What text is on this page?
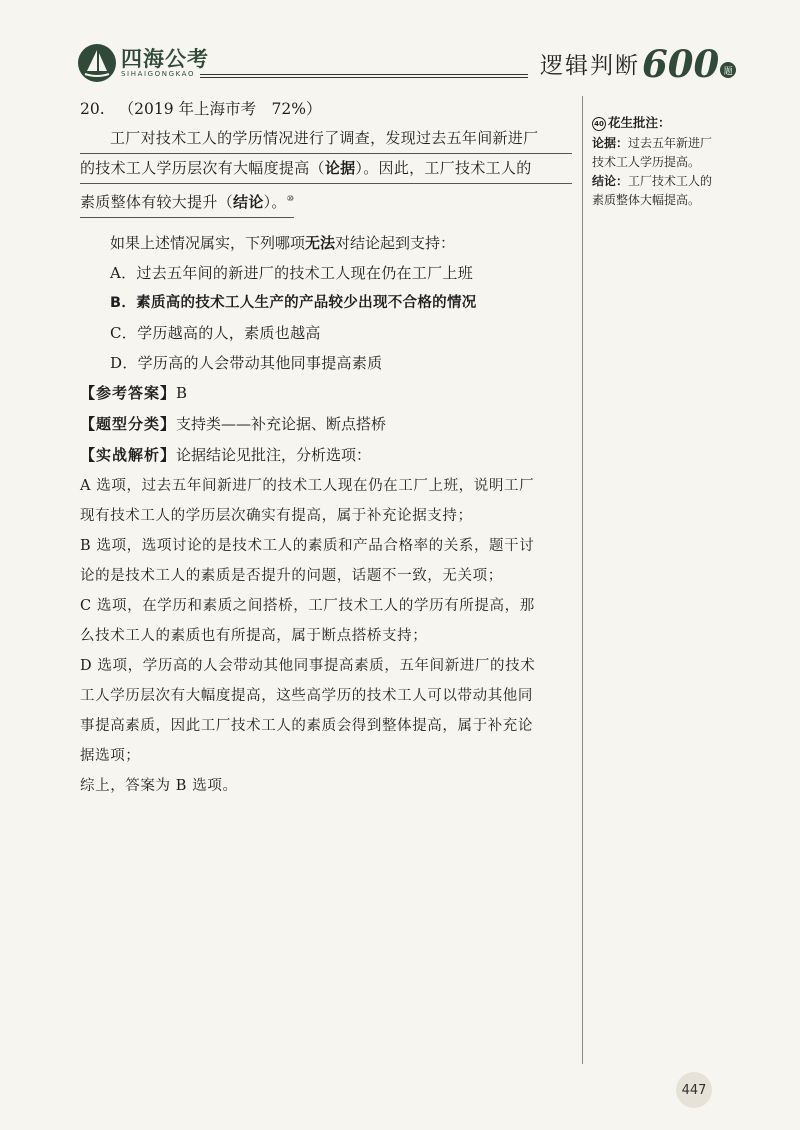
四海公考
SIHAIGONGKAO	逻辑判断 600 题
20. （2019 年上海市考　72%）
工厂对技术工人的学历情况进行了调查，发现过去五年间新进厂
的技术工人学历层次有大幅度提高（论据）。因此，工厂技术工人的
素质整体有较大提升（结论）。⑩
如果上述情况属实，下列哪项无法对结论起到支持：
A．过去五年间的新进厂的技术工人现在仍在工厂上班
B．素质高的技术工人生产的产品较少出现不合格的情况
C．学历越高的人，素质也越高
D．学历高的人会带动其他同事提高素质
【参考答案】B
【题型分类】支持类——补充论据、断点搭桥
【实战解析】论据结论见批注，分析选项：

A 选项，过去五年间新进厂的技术工人现在仍在工厂上班，说明工厂

现有技术工人的学历层次确实有提高，属于补充论据支持；

B 选项，选项讨论的是技术工人的素质和产品合格率的关系，题干讨

论的是技术工人的素质是否提升的问题，话题不一致，无关项；

C 选项，在学历和素质之间搭桥，工厂技术工人的学历有所提高，那

么技术工人的素质也有所提高，属于断点搭桥支持；

D 选项，学历高的人会带动其他同事提高素质，五年间新进厂的技术

工人学历层次有大幅度提高，这些高学历的技术工人可以带动其他同

事提高素质，因此工厂技术工人的素质会得到整体提高，属于补充论

据选项；

综上，答案为 B 选项。

40 花生批注：
论据：过去五年新进厂
技术工人学历提高。
结论：工厂技术工人的
素质整体大幅提高。
447
